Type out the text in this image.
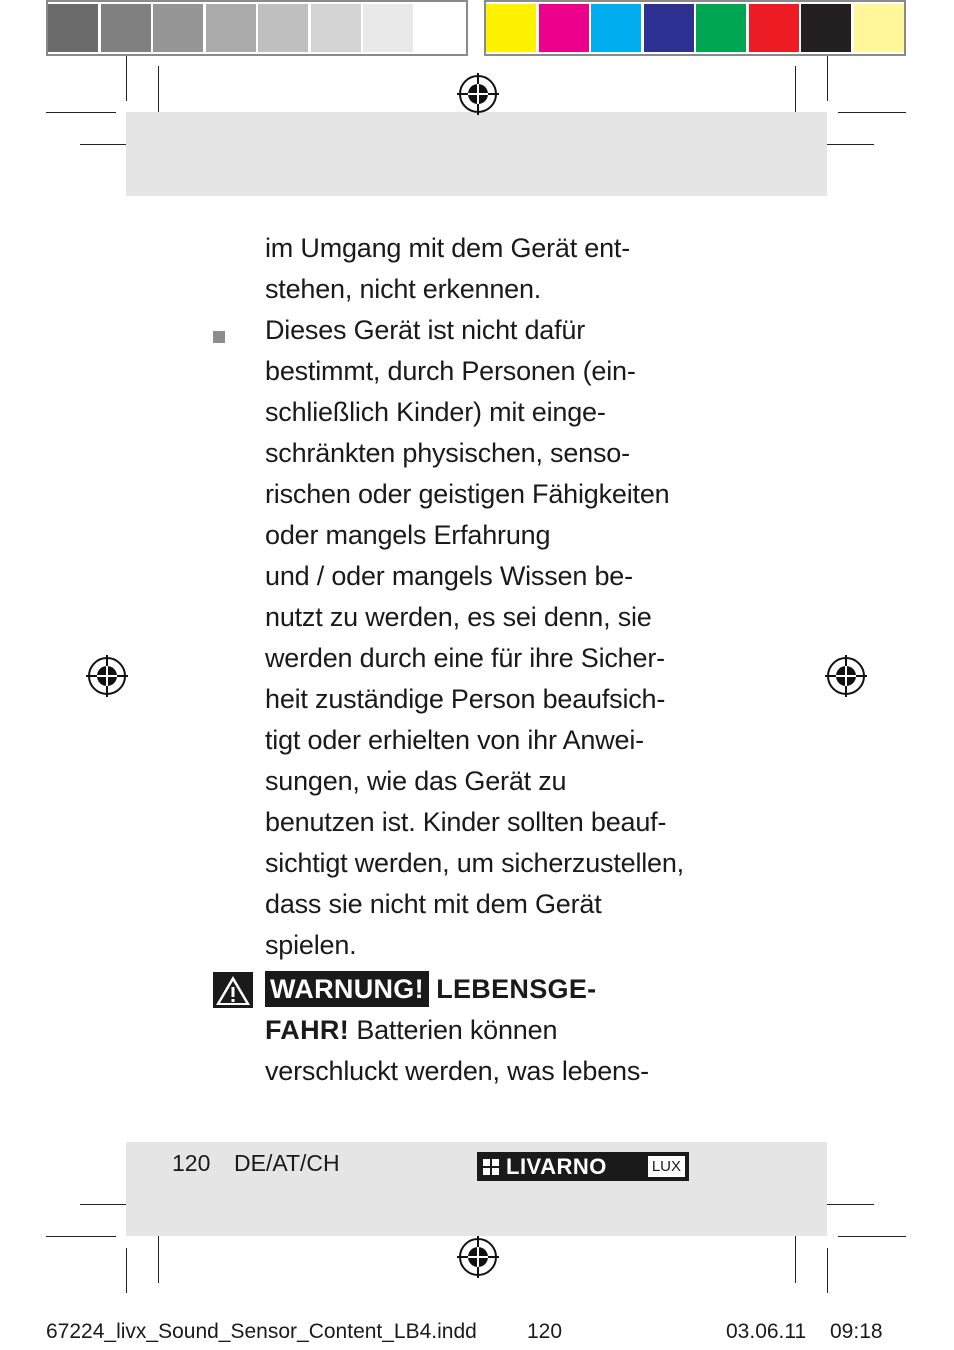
im Umgang mit dem Gerät ent-
stehen, nicht erkennen.
Dieses Gerät ist nicht dafür
bestimmt, durch Personen (ein-
schließlich Kinder) mit einge-
schränkten physischen, senso-
rischen oder geistigen Fähigkeiten
oder mangels Erfahrung
und / oder mangels Wissen be-
nutzt zu werden, es sei denn, sie
werden durch eine für ihre Sicher-
heit zuständige Person beaufsich-
tigt oder erhielten von ihr Anwei-
sungen, wie das Gerät zu
benutzen ist. Kinder sollten beauf-
sichtigt werden, um sicherzustellen,
dass sie nicht mit dem Gerät
spielen.
WARNUNG! LEBENSGE-
FAHR! Batterien können
verschluckt werden, was lebens-
120 DE/AT/CH	LIVARNO	LUX
67224_livx_Sound_Sensor_Content_LB4.indd 120	03.06.11 09:18
